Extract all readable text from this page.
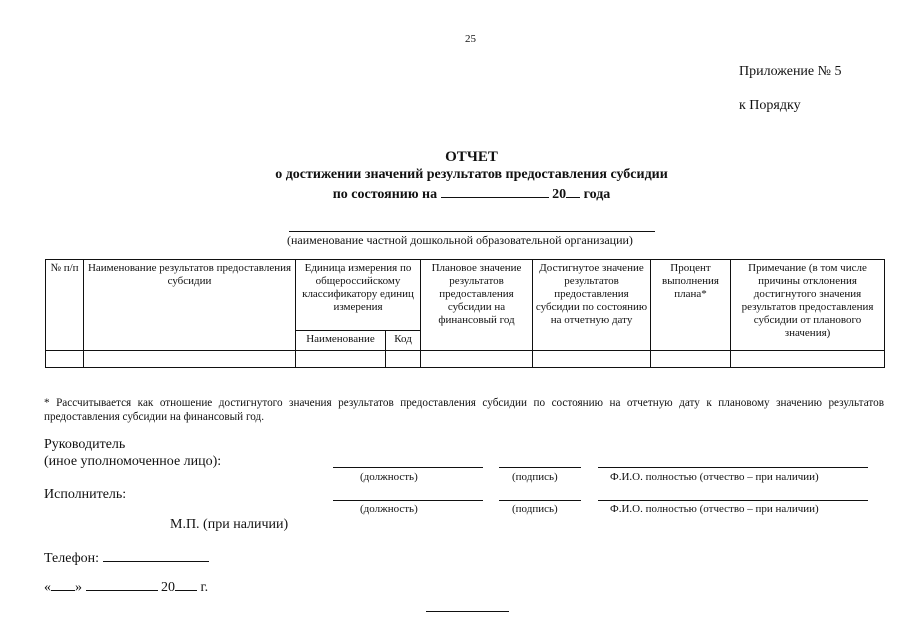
25
Приложение № 5
к Порядку
ОТЧЕТ
о достижении значений результатов предоставления субсидии
по состоянию на	20 года
(наименование частной дошкольной образовательной организации)
№ п/п	Наименование результатов предоставления субсидии	Единица измерения по общероссийскому классификатору единиц измерения		Плановое значение результатов предоставления субсидии на финансовый год	Достигнутое значение результатов предоставления субсидии по состоянию на отчетную дату	Процент выполнения плана*	Примечание (в том числе причины отклонения достигнутого значения результатов предоставления субсидии от планового значения)
		Наименование	Код				

* Рассчитывается как отношение достигнутого значения результатов предоставления субсидии по состоянию на отчетную дату к плановому значению результатов предоставления субсидии на финансовый год.
Руководитель
(иное уполномоченное лицо):
(должность)	(подпись)	Ф.И.О. полностью (отчество – при наличии)
Исполнитель:
(должность)	(подпись)	Ф.И.О. полностью (отчество – при наличии)
М.П. (при наличии)
Телефон:
« »	20 г.
